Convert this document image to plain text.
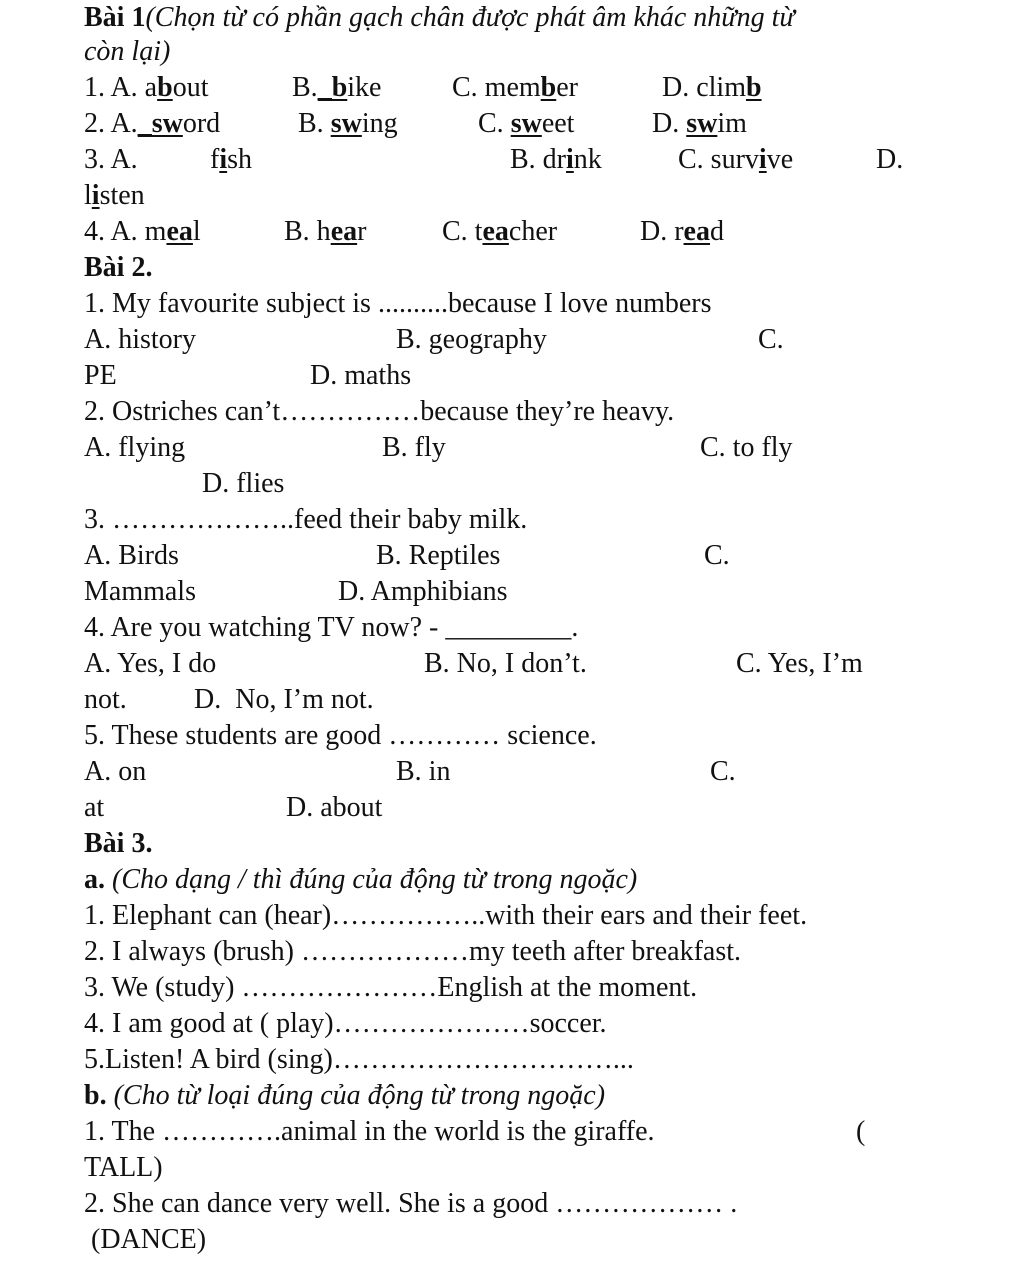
Bài 1(Chọn từ có phần gạch chân được phát âm khác những từ
còn lại)
1. A. about	B._bike	C. member	D. climb
2. A._sword	B. swing	C. sweet	D. swim
3. A.	fish	B. drink	C. survive	D.
listen
4. A. meal	B. hear	C. teacher	D. read
Bài 2.
1. My favourite subject is ..........because I love numbers
A. history	B. geography	C.
PE	D. maths
2. Ostriches can’t……………because they’re heavy.
A. flying	B. fly	C. to fly
D. flies
3. ………………..feed their baby milk.
A. Birds	B. Reptiles	C.
Mammals	D. Amphibians
4. Are you watching TV now? - _________.
A. Yes, I do	B. No, I don’t.	C. Yes, I’m
not. D.  No, I’m not.
5. These students are good ………… science.
A. on	B. in	C.
at	D. about
Bài 3.
a. (Cho dạng / thì đúng của động từ trong ngoặc)
1. Elephant can (hear)……………..with their ears and their feet.
2. I always (brush) ………………my teeth after breakfast.
3. We (study) …………………English at the moment.
4. I am good at ( play)…………………soccer.
5.Listen! A bird (sing)…………………………...
b. (Cho từ loại đúng của động từ trong ngoặc)
1. The ………….animal in the world is the giraffe.	(
TALL)
2. She can dance very well. She is a good ……………… .
(DANCE)
